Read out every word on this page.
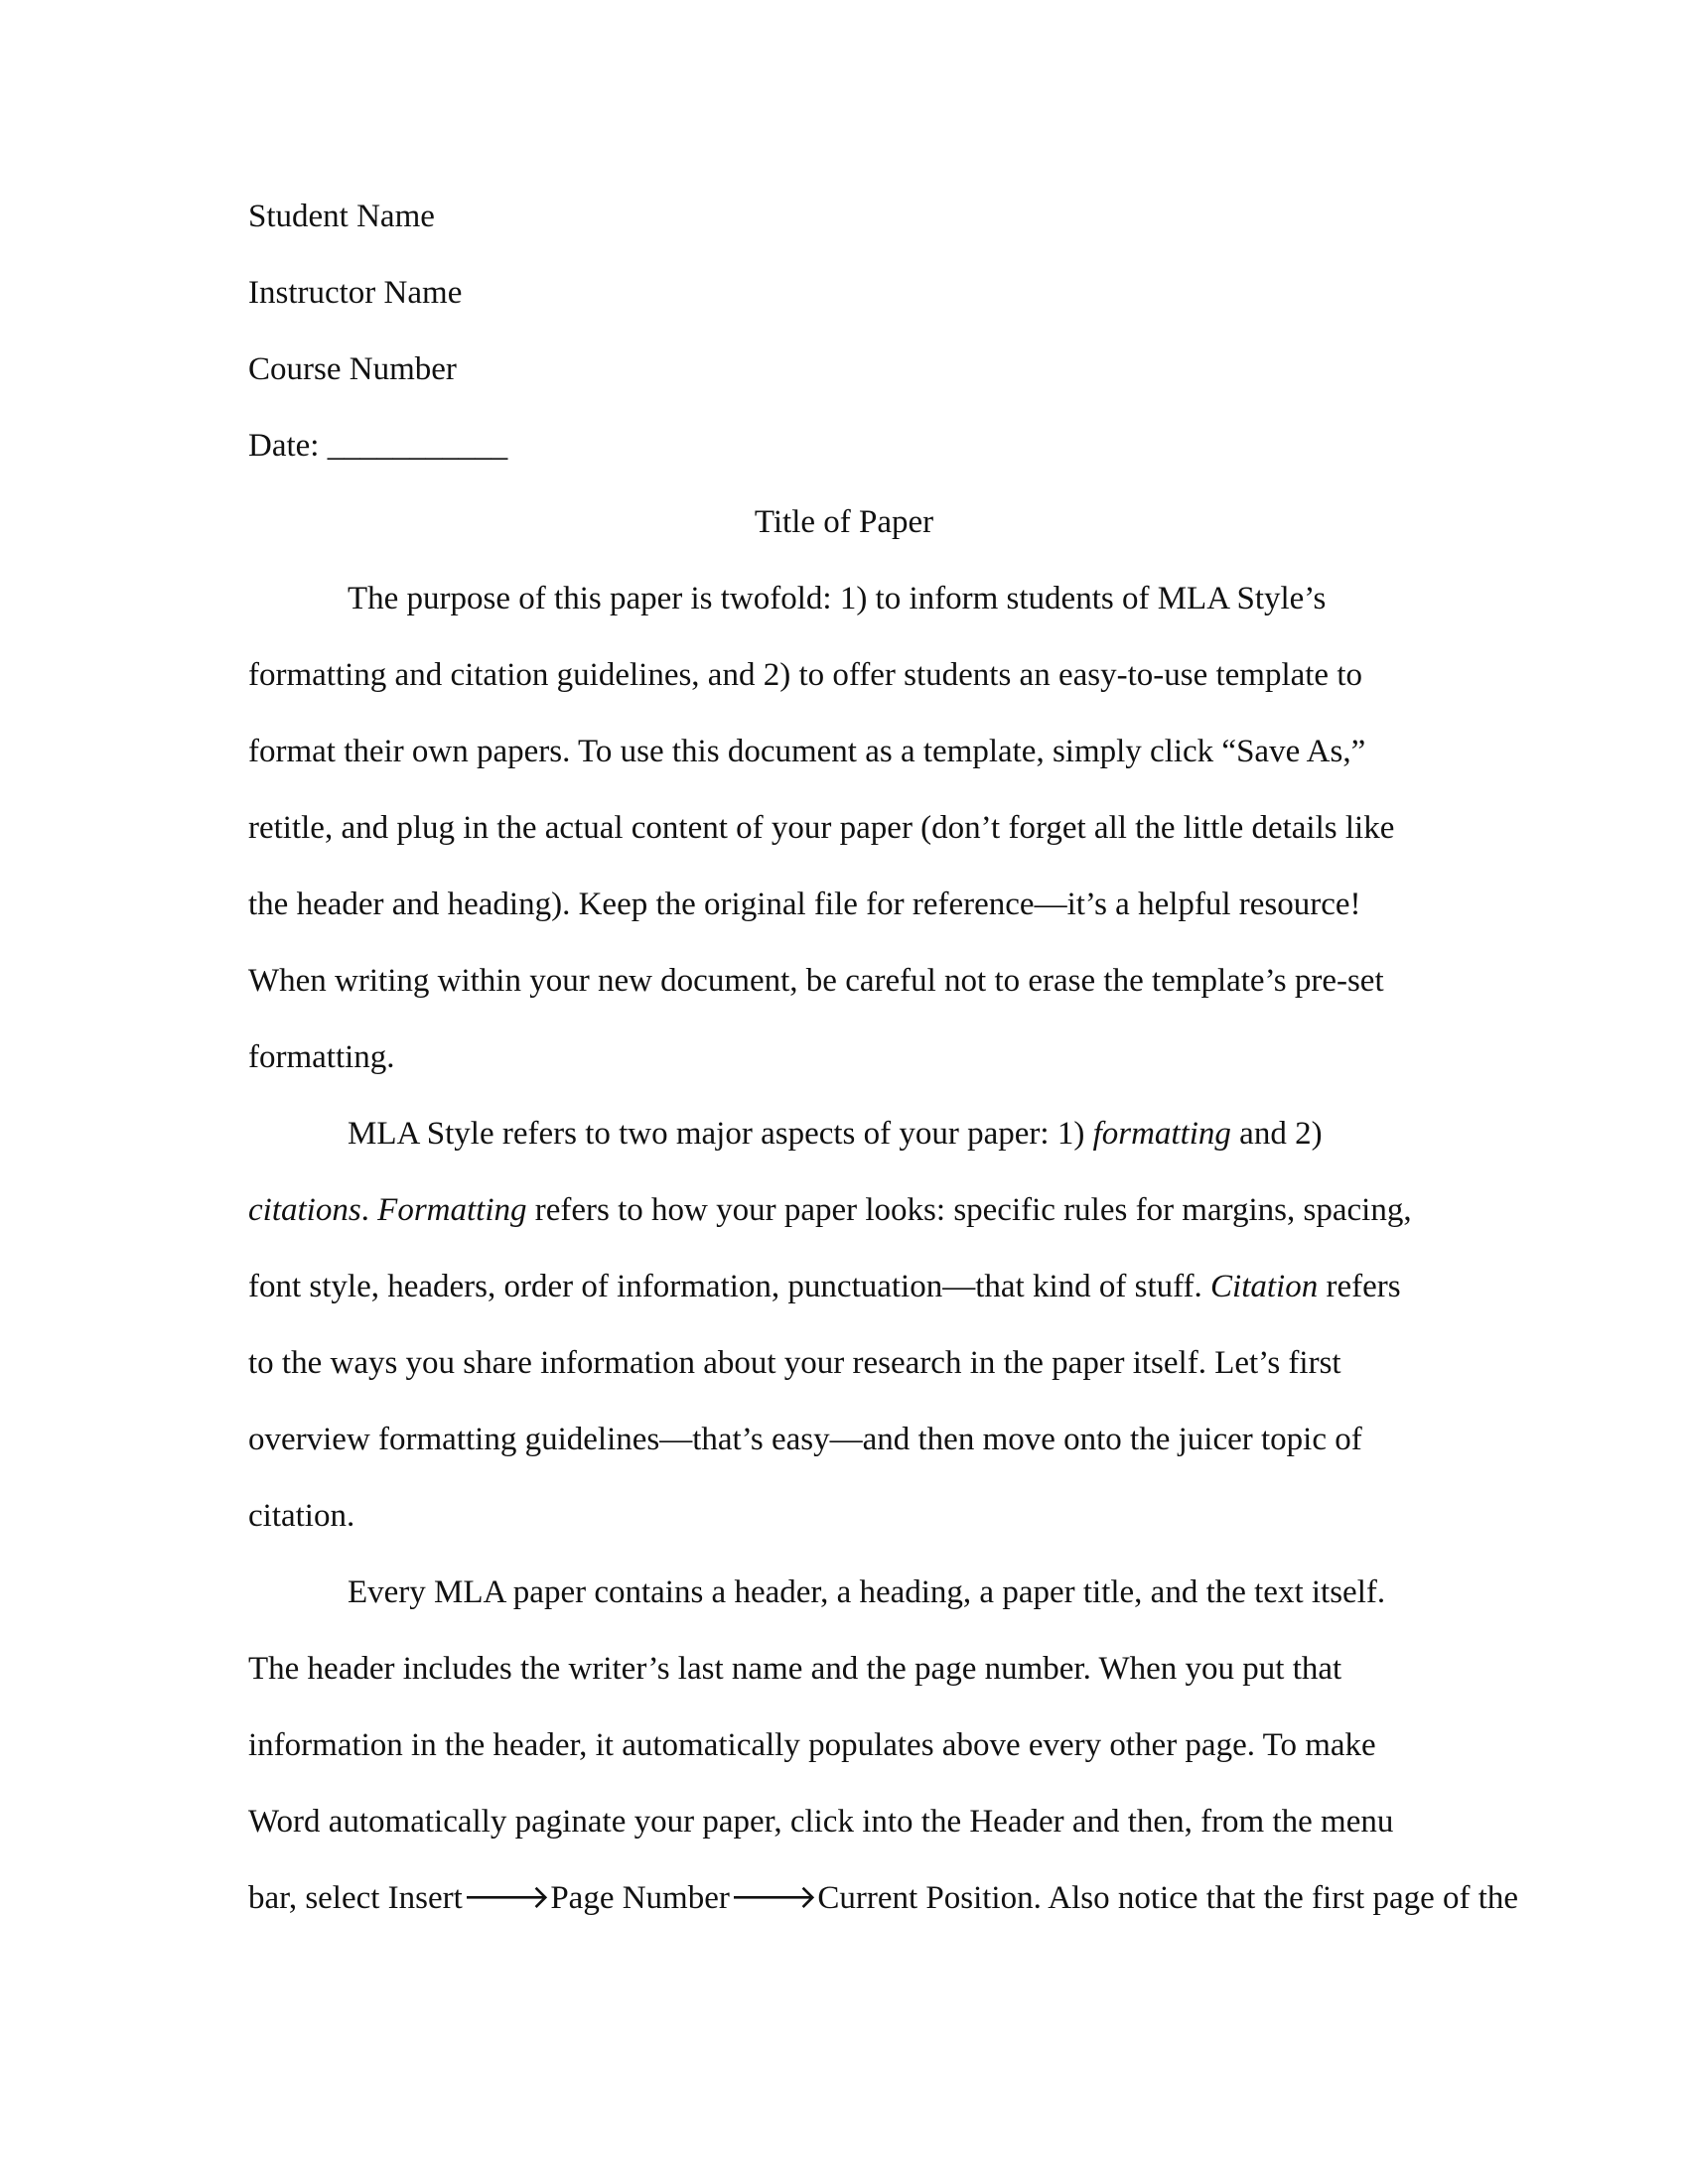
Student Name
Instructor Name
Course Number
Date: ___________
Title of Paper
The purpose of this paper is twofold: 1) to inform students of MLA Style’s
formatting and citation guidelines, and 2) to offer students an easy-to-use template to
format their own papers. To use this document as a template, simply click “Save As,”
retitle, and plug in the actual content of your paper (don’t forget all the little details like
the header and heading). Keep the original file for reference—it’s a helpful resource!
When writing within your new document, be careful not to erase the template’s pre-set
formatting.
MLA Style refers to two major aspects of your paper: 1) formatting and 2)
citations. Formatting refers to how your paper looks: specific rules for margins, spacing,
font style, headers, order of information, punctuation—that kind of stuff. Citation refers
to the ways you share information about your research in the paper itself. Let’s first
overview formatting guidelines—that’s easy—and then move onto the juicer topic of
citation.
Every MLA paper contains a header, a heading, a paper title, and the text itself.
The header includes the writer’s last name and the page number. When you put that
information in the header, it automatically populates above every other page. To make
Word automatically paginate your paper, click into the Header and then, from the menu
bar, select Insert🡒Page Number🡒Current Position. Also notice that the first page of the
